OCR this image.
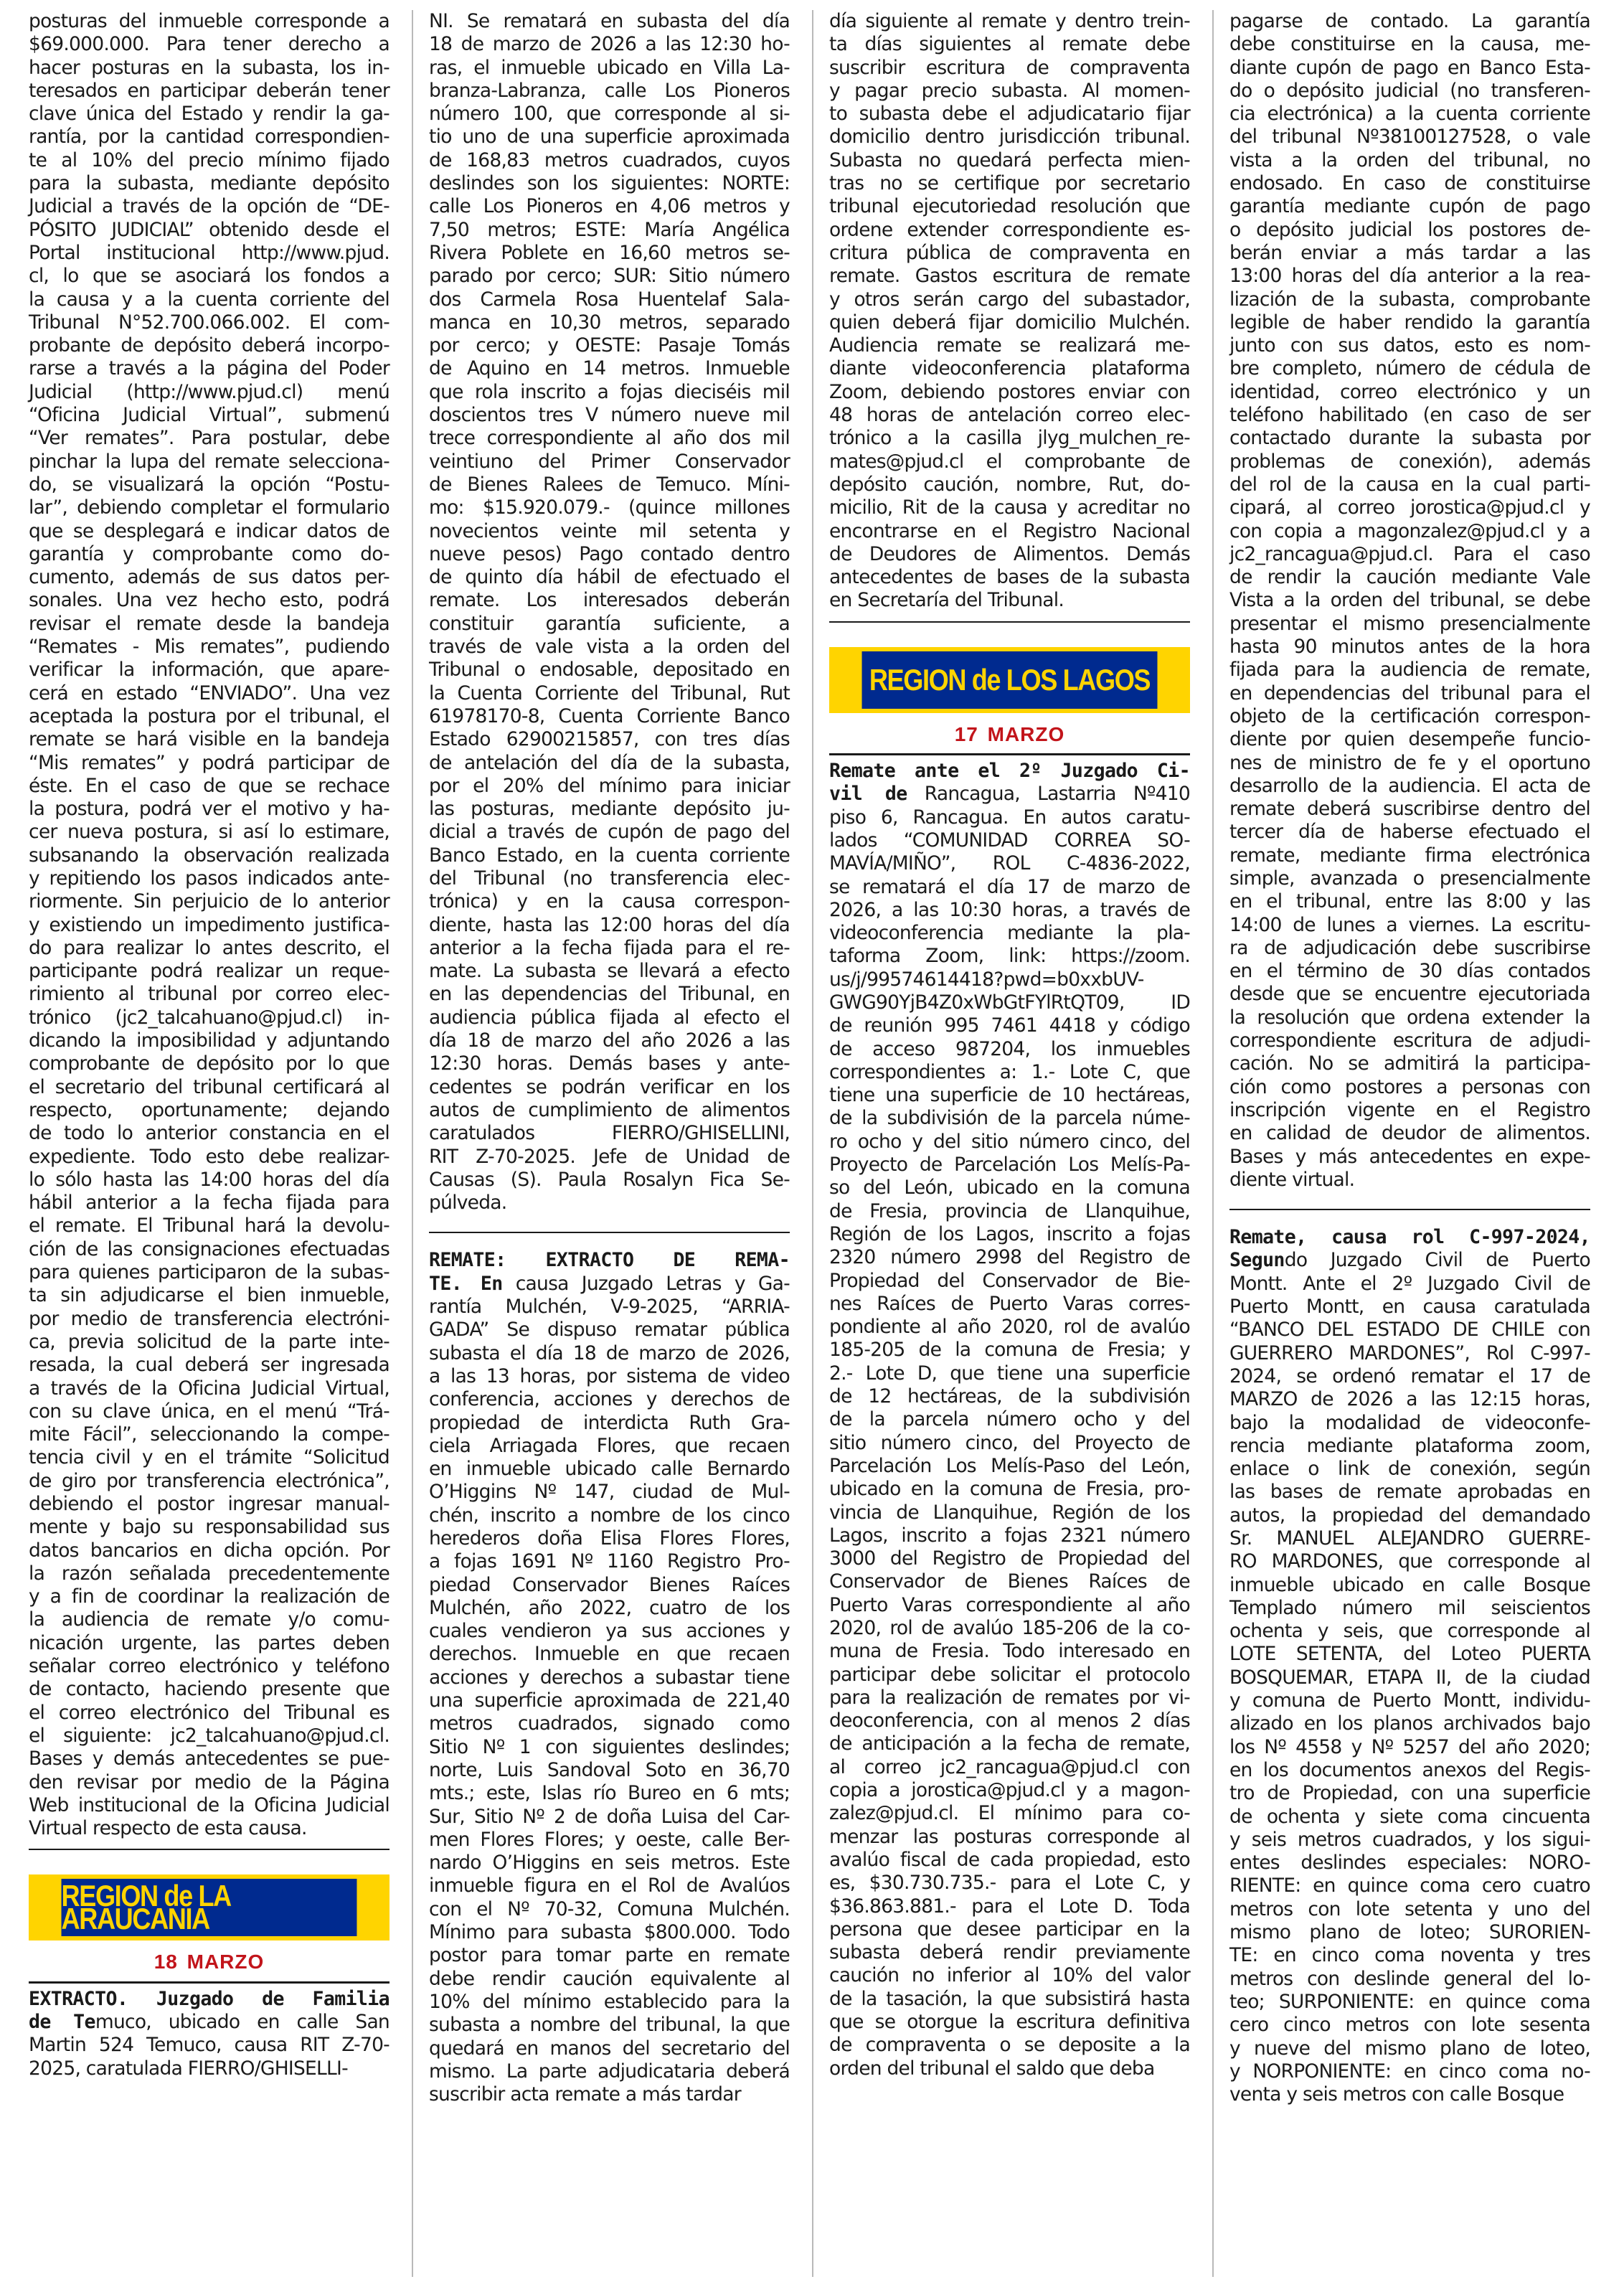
posturas del inmueble corresponde a
$69.000.000. Para tener derecho a
hacer posturas en la subasta, los in-
teresados en participar deberán tener
clave única del Estado y rendir la ga-
rantía, por la cantidad correspondien-
te al 10% del precio mínimo fijado
para la subasta, mediante depósito
Judicial a través de la opción de “DE-
PÓSITO JUDICIAL” obtenido desde el
Portal institucional http://www.pjud.
cl, lo que se asociará los fondos a
la causa y a la cuenta corriente del
Tribunal N°52.700.066.002. El com-
probante de depósito deberá incorpo-
rarse a través a la página del Poder
Judicial (http://www.pjud.cl) menú
“Oficina Judicial Virtual”, submenú
“Ver remates”. Para postular, debe
pinchar la lupa del remate selecciona-
do, se visualizará la opción “Postu-
lar”, debiendo completar el formulario
que se desplegará e indicar datos de
garantía y comprobante como do-
cumento, además de sus datos per-
sonales. Una vez hecho esto, podrá
revisar el remate desde la bandeja
“Remates - Mis remates”, pudiendo
verificar la información, que apare-
cerá en estado “ENVIADO”. Una vez
aceptada la postura por el tribunal, el
remate se hará visible en la bandeja
“Mis remates” y podrá participar de
éste. En el caso de que se rechace
la postura, podrá ver el motivo y ha-
cer nueva postura, si así lo estimare,
subsanando la observación realizada
y repitiendo los pasos indicados ante-
riormente. Sin perjuicio de lo anterior
y existiendo un impedimento justifica-
do para realizar lo antes descrito, el
participante podrá realizar un reque-
rimiento al tribunal por correo elec-
trónico (jc2_talcahuano@pjud.cl) in-
dicando la imposibilidad y adjuntando
comprobante de depósito por lo que
el secretario del tribunal certificará al
respecto, oportunamente; dejando
de todo lo anterior constancia en el
expediente. Todo esto debe realizar-
lo sólo hasta las 14:00 horas del día
hábil anterior a la fecha fijada para
el remate. El Tribunal hará la devolu-
ción de las consignaciones efectuadas
para quienes participaron de la subas-
ta sin adjudicarse el bien inmueble,
por medio de transferencia electróni-
ca, previa solicitud de la parte inte-
resada, la cual deberá ser ingresada
a través de la Oficina Judicial Virtual,
con su clave única, en el menú “Trá-
mite Fácil”, seleccionando la compe-
tencia civil y en el trámite “Solicitud
de giro por transferencia electrónica”,
debiendo el postor ingresar manual-
mente y bajo su responsabilidad sus
datos bancarios en dicha opción. Por
la razón señalada precedentemente
y a fin de coordinar la realización de
la audiencia de remate y/o comu-
nicación urgente, las partes deben
señalar correo electrónico y teléfono
de contacto, haciendo presente que
el correo electrónico del Tribunal es
el siguiente: jc2_talcahuano@pjud.cl.
Bases y demás antecedentes se pue-
den revisar por medio de la Página
Web institucional de la Oficina Judicial
Virtual respecto de esta causa.
REGION de LA ARAUCANIA
18 MARZO
EXTRACTO. Juzgado de Familia
de Temuco, ubicado en calle San
Martin 524 Temuco, causa RIT Z-70-
2025, caratulada FIERRO/GHISELLI-
NI. Se rematará en subasta del día
18 de marzo de 2026 a las 12:30 ho-
ras, el inmueble ubicado en Villa La-
branza-Labranza, calle Los Pioneros
número 100, que corresponde al si-
tio uno de una superficie aproximada
de 168,83 metros cuadrados, cuyos
deslindes son los siguientes: NORTE:
calle Los Pioneros en 4,06 metros y
7,50 metros; ESTE: María Angélica
Rivera Poblete en 16,60 metros se-
parado por cerco; SUR: Sitio número
dos Carmela Rosa Huentelaf Sala-
manca en 10,30 metros, separado
por cerco; y OESTE: Pasaje Tomás
de Aquino en 14 metros. Inmueble
que rola inscrito a fojas dieciséis mil
doscientos tres V número nueve mil
trece correspondiente al año dos mil
veintiuno del Primer Conservador
de Bienes Ralees de Temuco. Míni-
mo: $15.920.079.- (quince millones
novecientos veinte mil setenta y
nueve pesos) Pago contado dentro
de quinto día hábil de efectuado el
remate. Los interesados deberán
constituir garantía suficiente, a
través de vale vista a la orden del
Tribunal o endosable, depositado en
la Cuenta Corriente del Tribunal, Rut
61978170-8, Cuenta Corriente Banco
Estado 62900215857, con tres días
de antelación del día de la subasta,
por el 20% del mínimo para iniciar
las posturas, mediante depósito ju-
dicial a través de cupón de pago del
Banco Estado, en la cuenta corriente
del Tribunal (no transferencia elec-
trónica) y en la causa correspon-
diente, hasta las 12:00 horas del día
anterior a la fecha fijada para el re-
mate. La subasta se llevará a efecto
en las dependencias del Tribunal, en
audiencia pública fijada al efecto el
día 18 de marzo del año 2026 a las
12:30 horas. Demás bases y ante-
cedentes se podrán verificar en los
autos de cumplimiento de alimentos
caratulados FIERRO/GHISELLINI,
RIT Z-70-2025. Jefe de Unidad de
Causas (S). Paula Rosalyn Fica Se-
púlveda.
REMATE: EXTRACTO DE REMA-
TE. En causa Juzgado Letras y Ga-
rantía Mulchén, V-9-2025, “ARRIA-
GADA” Se dispuso rematar pública
subasta el día 18 de marzo de 2026,
a las 13 horas, por sistema de video
conferencia, acciones y derechos de
propiedad de interdicta Ruth Gra-
ciela Arriagada Flores, que recaen
en inmueble ubicado calle Bernardo
O’Higgins Nº 147, ciudad de Mul-
chén, inscrito a nombre de los cinco
herederos doña Elisa Flores Flores,
a fojas 1691 Nº 1160 Registro Pro-
piedad Conservador Bienes Raíces
Mulchén, año 2022, cuatro de los
cuales vendieron ya sus acciones y
derechos. Inmueble en que recaen
acciones y derechos a subastar tiene
una superficie aproximada de 221,40
metros cuadrados, signado como
Sitio Nº 1 con siguientes deslindes;
norte, Luis Sandoval Soto en 36,70
mts.; este, Islas río Bureo en 6 mts;
Sur, Sitio Nº 2 de doña Luisa del Car-
men Flores Flores; y oeste, calle Ber-
nardo O’Higgins en seis metros. Este
inmueble figura en el Rol de Avalúos
con el Nº 70-32, Comuna Mulchén.
Mínimo para subasta $800.000. Todo
postor para tomar parte en remate
debe rendir caución equivalente al
10% del mínimo establecido para la
subasta a nombre del tribunal, la que
quedará en manos del secretario del
mismo. La parte adjudicataria deberá
suscribir acta remate a más tardar
día siguiente al remate y dentro trein-
ta días siguientes al remate debe
suscribir escritura de compraventa
y pagar precio subasta. Al momen-
to subasta debe el adjudicatario fijar
domicilio dentro jurisdicción tribunal.
Subasta no quedará perfecta mien-
tras no se certifique por secretario
tribunal ejecutoriedad resolución que
ordene extender correspondiente es-
critura pública de compraventa en
remate. Gastos escritura de remate
y otros serán cargo del subastador,
quien deberá fijar domicilio Mulchén.
Audiencia remate se realizará me-
diante videoconferencia plataforma
Zoom, debiendo postores enviar con
48 horas de antelación correo elec-
trónico a la casilla jlyg_mulchen_re-
mates@pjud.cl el comprobante de
depósito caución, nombre, Rut, do-
micilio, Rit de la causa y acreditar no
encontrarse en el Registro Nacional
de Deudores de Alimentos. Demás
antecedentes de bases de la subasta
en Secretaría del Tribunal.
REGION de LOS LAGOS
17 MARZO
Remate ante el 2º Juzgado Ci-
vil de Rancagua, Lastarria Nº410
piso 6, Rancagua. En autos caratu-
lados “COMUNIDAD CORREA SO-
MAVÍA/MIÑO”, ROL C-4836-2022,
se rematará el día 17 de marzo de
2026, a las 10:30 horas, a través de
videoconferencia mediante la pla-
taforma Zoom, link: https://zoom.
us/j/99574614418?pwd=b0xxbUV-
GWG90YjB4Z0xWbGtFYlRtQT09, ID
de reunión 995 7461 4418 y código
de acceso 987204, los inmuebles
correspondientes a: 1.- Lote C, que
tiene una superficie de 10 hectáreas,
de la subdivisión de la parcela núme-
ro ocho y del sitio número cinco, del
Proyecto de Parcelación Los Melís-Pa-
so del León, ubicado en la comuna
de Fresia, provincia de Llanquihue,
Región de los Lagos, inscrito a fojas
2320 número 2998 del Registro de
Propiedad del Conservador de Bie-
nes Raíces de Puerto Varas corres-
pondiente al año 2020, rol de avalúo
185-205 de la comuna de Fresia; y
2.- Lote D, que tiene una superficie
de 12 hectáreas, de la subdivisión
de la parcela número ocho y del
sitio número cinco, del Proyecto de
Parcelación Los Melís-Paso del León,
ubicado en la comuna de Fresia, pro-
vincia de Llanquihue, Región de los
Lagos, inscrito a fojas 2321 número
3000 del Registro de Propiedad del
Conservador de Bienes Raíces de
Puerto Varas correspondiente al año
2020, rol de avalúo 185-206 de la co-
muna de Fresia. Todo interesado en
participar debe solicitar el protocolo
para la realización de remates por vi-
deoconferencia, con al menos 2 días
de anticipación a la fecha de remate,
al correo jc2_rancagua@pjud.cl con
copia a jorostica@pjud.cl y a magon-
zalez@pjud.cl. El mínimo para co-
menzar las posturas corresponde al
avalúo fiscal de cada propiedad, esto
es, $30.730.735.- para el Lote C, y
$36.863.881.- para el Lote D. Toda
persona que desee participar en la
subasta deberá rendir previamente
caución no inferior al 10% del valor
de la tasación, la que subsistirá hasta
que se otorgue la escritura definitiva
de compraventa o se deposite a la
orden del tribunal el saldo que deba
pagarse de contado. La garantía
debe constituirse en la causa, me-
diante cupón de pago en Banco Esta-
do o depósito judicial (no transferen-
cia electrónica) a la cuenta corriente
del tribunal Nº38100127528, o vale
vista a la orden del tribunal, no
endosado. En caso de constituirse
garantía mediante cupón de pago
o depósito judicial los postores de-
berán enviar a más tardar a las
13:00 horas del día anterior a la rea-
lización de la subasta, comprobante
legible de haber rendido la garantía
junto con sus datos, esto es nom-
bre completo, número de cédula de
identidad, correo electrónico y un
teléfono habilitado (en caso de ser
contactado durante la subasta por
problemas de conexión), además
del rol de la causa en la cual parti-
cipará, al correo jorostica@pjud.cl y
con copia a magonzalez@pjud.cl y a
jc2_rancagua@pjud.cl. Para el caso
de rendir la caución mediante Vale
Vista a la orden del tribunal, se debe
presentar el mismo presencialmente
hasta 90 minutos antes de la hora
fijada para la audiencia de remate,
en dependencias del tribunal para el
objeto de la certificación correspon-
diente por quien desempeñe funcio-
nes de ministro de fe y el oportuno
desarrollo de la audiencia. El acta de
remate deberá suscribirse dentro del
tercer día de haberse efectuado el
remate, mediante firma electrónica
simple, avanzada o presencialmente
en el tribunal, entre las 8:00 y las
14:00 de lunes a viernes. La escritu-
ra de adjudicación debe suscribirse
en el término de 30 días contados
desde que se encuentre ejecutoriada
la resolución que ordena extender la
correspondiente escritura de adjudi-
cación. No se admitirá la participa-
ción como postores a personas con
inscripción vigente en el Registro
en calidad de deudor de alimentos.
Bases y más antecedentes en expe-
diente virtual.
Remate, causa rol C-997-2024,
Segundo Juzgado Civil de Puerto
Montt. Ante el 2º Juzgado Civil de
Puerto Montt, en causa caratulada
“BANCO DEL ESTADO DE CHILE con
GUERRERO MARDONES”, Rol C-997-
2024, se ordenó rematar el 17 de
MARZO de 2026 a las 12:15 horas,
bajo la modalidad de videoconfe-
rencia mediante plataforma zoom,
enlace o link de conexión, según
las bases de remate aprobadas en
autos, la propiedad del demandado
Sr. MANUEL ALEJANDRO GUERRE-
RO MARDONES, que corresponde al
inmueble ubicado en calle Bosque
Templado número mil seiscientos
ochenta y seis, que corresponde al
LOTE SETENTA, del Loteo PUERTA
BOSQUEMAR, ETAPA II, de la ciudad
y comuna de Puerto Montt, individu-
alizado en los planos archivados bajo
los Nº 4558 y Nº 5257 del año 2020;
en los documentos anexos del Regis-
tro de Propiedad, con una superficie
de ochenta y siete coma cincuenta
y seis metros cuadrados, y los sigui-
entes deslindes especiales: NORO-
RIENTE: en quince coma cero cuatro
metros con lote setenta y uno del
mismo plano de loteo; SURORIEN-
TE: en cinco coma noventa y tres
metros con deslinde general del lo-
teo; SURPONIENTE: en quince coma
cero cinco metros con lote sesenta
y nueve del mismo plano de loteo,
y NORPONIENTE: en cinco coma no-
venta y seis metros con calle Bosque
